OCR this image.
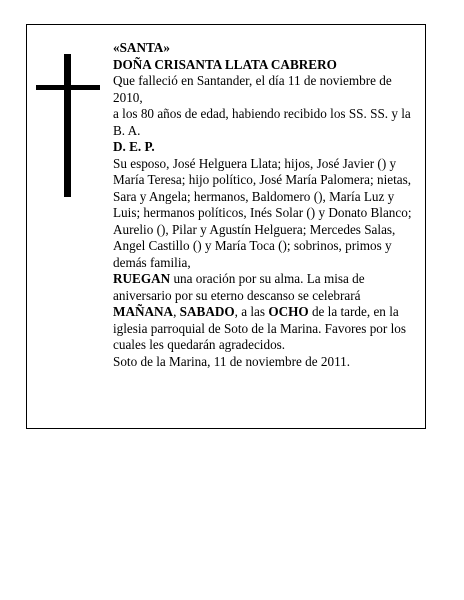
«SANTA»

DOÑA CRISANTA LLATA CABRERO

Que falleció en Santander, el día 11 de noviembre de 2010,

a los 80 años de edad, habiendo recibido los SS. SS. y la B. A.

D. E. P.

Su esposo, José Helguera Llata; hijos, José Javier () y María Teresa; hijo político, José María Palomera; nietas, Sara y Angela; hermanos, Baldomero (), María Luz y Luis; hermanos políticos, Inés Solar () y Donato Blanco; Aurelio (), Pilar y Agustín Helguera; Mercedes Salas, Angel Castillo () y María Toca (); sobrinos, primos y demás familia,

RUEGAN una oración por su alma. La misa de aniversario por su eterno descanso se celebrará MAÑANA, SABADO, a las OCHO de la tarde, en la iglesia parroquial de Soto de la Marina. Favores por los cuales les quedarán agradecidos.

Soto de la Marina, 11 de noviembre de 2011.
